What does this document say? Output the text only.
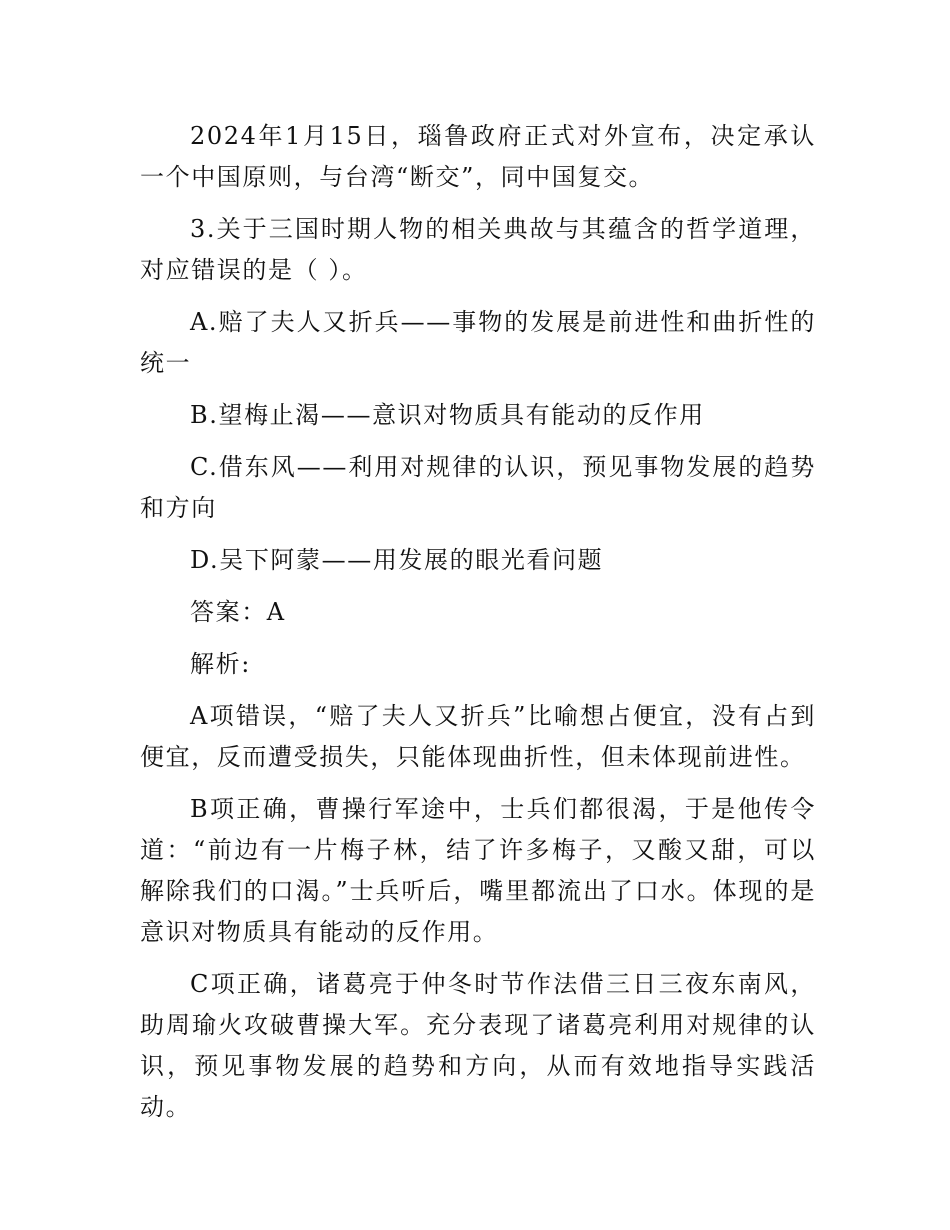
2024年1月15日，瑙鲁政府正式对外宣布，决定承认一个中国原则，与台湾“断交”，同中国复交。

3.关于三国时期人物的相关典故与其蕴含的哲学道理，对应错误的是（ ）。

A.赔了夫人又折兵——事物的发展是前进性和曲折性的统一

B.望梅止渴——意识对物质具有能动的反作用

C.借东风——利用对规律的认识，预见事物发展的趋势和方向

D.吴下阿蒙——用发展的眼光看问题

答案：A

解析:

A项错误，“赔了夫人又折兵”比喻想占便宜，没有占到便宜，反而遭受损失，只能体现曲折性，但未体现前进性。

B项正确，曹操行军途中，士兵们都很渴，于是他传令道：“前边有一片梅子林，结了许多梅子，又酸又甜，可以解除我们的口渴。”士兵听后，嘴里都流出了口水。体现的是意识对物质具有能动的反作用。

C项正确，诸葛亮于仲冬时节作法借三日三夜东南风，助周瑜火攻破曹操大军。充分表现了诸葛亮利用对规律的认识，预见事物发展的趋势和方向，从而有效地指导实践活动。
